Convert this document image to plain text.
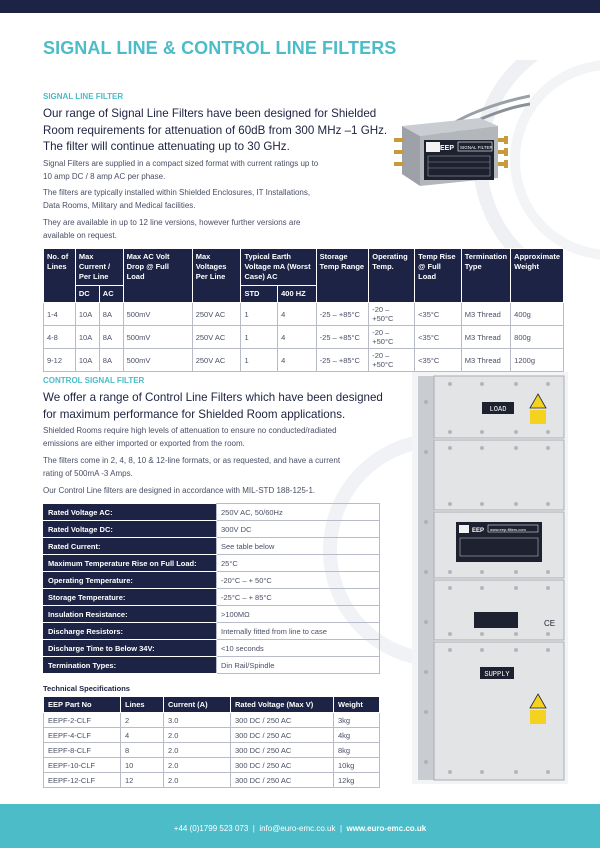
SIGNAL LINE & CONTROL LINE FILTERS
SIGNAL LINE FILTER

Our range of Signal Line Filters have been designed for Shielded
Room requirements for attenuation of 60dB from 300 MHz –1 GHz.
The filter will continue attenuating up to 30 GHz.

Signal Filters are supplied in a compact sized format with current ratings up to
10 amp DC / 8 amp AC per phase.

The filters are typically installed within Shielded Enclosures, IT Installations,
Data Rooms, Military and Medical facilities.

They are available in up to 12 line versions, however further versions are
available on request.

EEP SIGNAL FILTER
No. of Lines	Max Current / Per Line		Max AC Volt Drop @ Full Load	Max Voltages Per Line	Typical Earth Voltage mA (Worst Case) AC		Storage Temp Range	Operating Temp.	Temp Rise @ Full Load	Termination Type	Approximate Weight
	DC	AC			STD	400 HZ					
1-4	10A	8A	500mV	250V AC	1	4	-25 – +85°C	-20 – +50°C	<35°C	M3 Thread	400g
4-8	10A	8A	500mV	250V AC	1	4	-25 – +85°C	-20 – +50°C	<35°C	M3 Thread	800g
9-12	10A	8A	500mV	250V AC	1	4	-25 – +85°C	-20 – +50°C	<35°C	M3 Thread	1200g
CONTROL SIGNAL FILTER

We offer a range of Control Line Filters which have been designed
for maximum performance for Shielded Room applications.

Shielded Rooms require high levels of attenuation to ensure no conducted/radiated
emissions are either imported or exported from the room.

The filters come in 2, 4, 8, 10 & 12-line formats, or as requested, and have a current
rating of 500mA -3 Amps.

Our Control Line filters are designed in accordance with MIL-STD 188-125-1.

Rated Voltage AC:	250V AC, 50/60Hz
Rated Voltage DC:	300V DC
Rated Current:	See table below
Maximum Temperature Rise on Full Load:	25°C
Operating Temperature:	-20°C – + 50°C
Storage Temperature:	-25°C – + 85°C
Insulation Resistance:	>100MΩ
Discharge Resistors:	Internally fitted from line to case
Discharge Time to Below 34V:	<10 seconds
Termination Types:	Din Rail/Spindle
Technical Specifications
EEP Part No	Lines	Current (A)	Rated Voltage (Max V)	Weight
EEPF-2-CLF	2	3.0	300 DC / 250 AC	3kg
EEPF-4-CLF	4	2.0	300 DC / 250 AC	4kg
EEPF-8-CLF	8	2.0	300 DC / 250 AC	8kg
EEPF-10-CLF	10	2.0	300 DC / 250 AC	10kg
EEPF-12-CLF	12	2.0	300 DC / 250 AC	12kg
LOAD
EEP www.eep-filters.com
CE
SUPPLY
+44 (0)1799 523 073 | info@euro-emc.co.uk | www.euro-emc.co.uk
